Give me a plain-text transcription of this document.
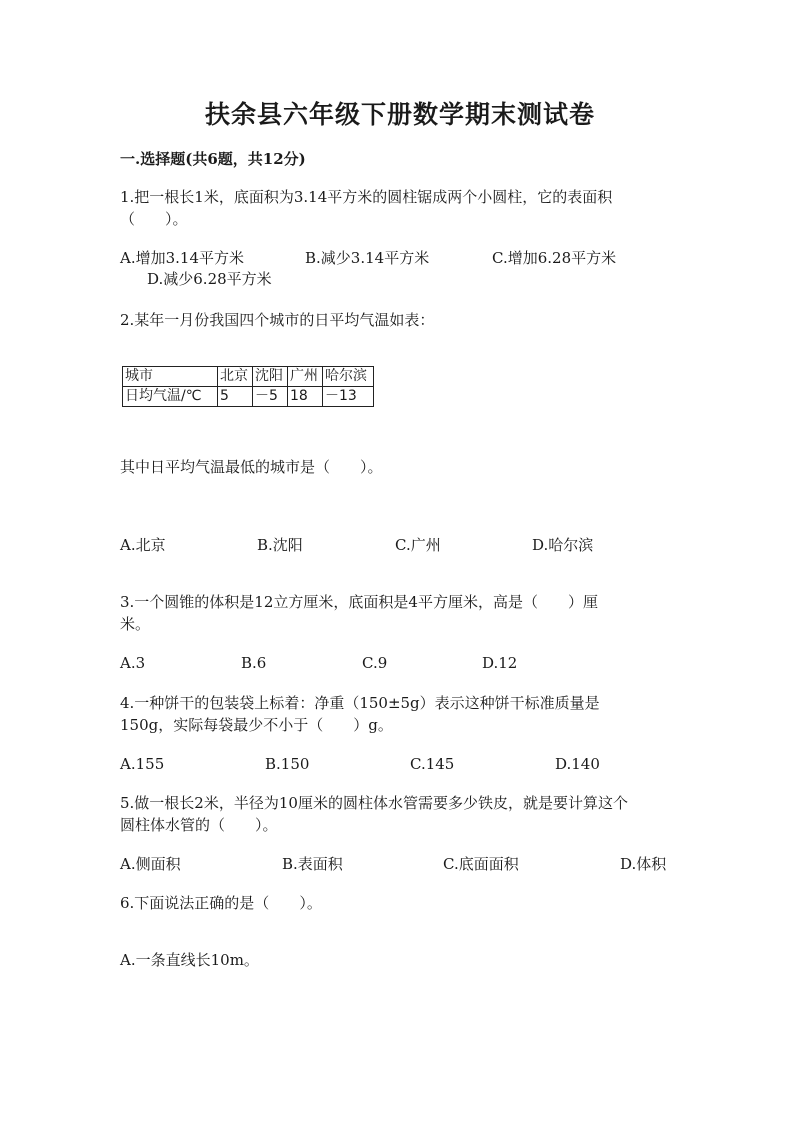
扶余县六年级下册数学期末测试卷
一.选择题(共6题，共12分)
1.把一根长1米，底面积为3.14平方米的圆柱锯成两个小圆柱，它的表面积
（　　）。
A.增加3.14平方米	B.减少3.14平方米	C.增加6.28平方米
D.减少6.28平方米
2.某年一月份我国四个城市的日平均气温如表：
城市	北京	沈阳	广州	哈尔滨
日均气温/℃	5	－5	18	－13
其中日平均气温最低的城市是（　　）。
A.北京	B.沈阳	C.广州	D.哈尔滨
3.一个圆锥的体积是12立方厘米，底面积是4平方厘米，高是（　　）厘
米。
A.3	B.6	C.9	D.12
4.一种饼干的包装袋上标着：净重（150±5g）表示这种饼干标准质量是
150g，实际每袋最少不小于（　　）g。
A.155	B.150	C.145	D.140
5.做一根长2米，半径为10厘米的圆柱体水管需要多少铁皮，就是要计算这个
圆柱体水管的（　　）。
A.侧面积	B.表面积	C.底面面积	D.体积
6.下面说法正确的是（　　）。
A.一条直线长10m。
